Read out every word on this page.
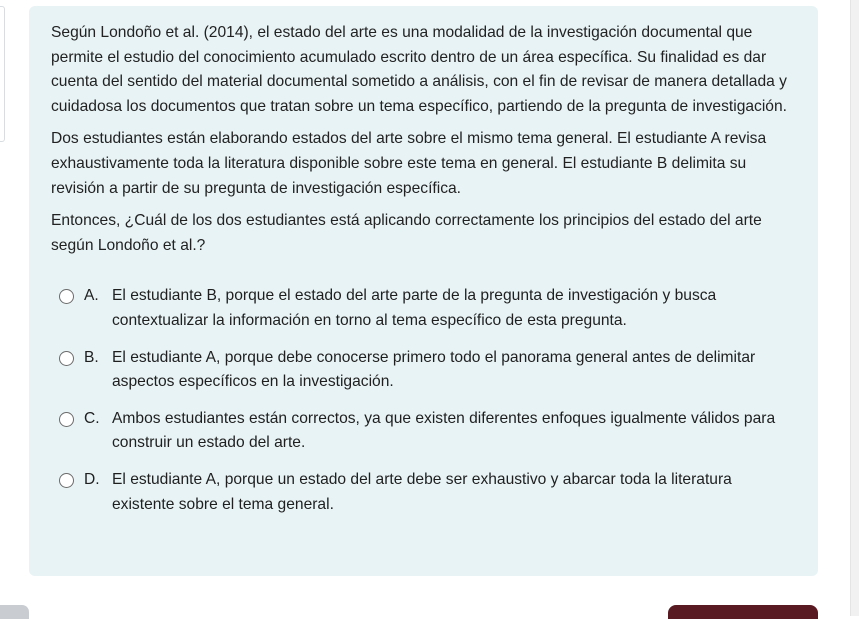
Según Londoño et al. (2014), el estado del arte es una modalidad de la investigación documental que permite el estudio del conocimiento acumulado escrito dentro de un área específica. Su finalidad es dar cuenta del sentido del material documental sometido a análisis, con el fin de revisar de manera detallada y cuidadosa los documentos que tratan sobre un tema específico, partiendo de la pregunta de investigación.

Dos estudiantes están elaborando estados del arte sobre el mismo tema general. El estudiante A revisa exhaustivamente toda la literatura disponible sobre este tema en general. El estudiante B delimita su revisión a partir de su pregunta de investigación específica.

Entonces, ¿Cuál de los dos estudiantes está aplicando correctamente los principios del estado del arte según Londoño et al.?

A. El estudiante B, porque el estado del arte parte de la pregunta de investigación y busca contextualizar la información en torno al tema específico de esta pregunta.
B. El estudiante A, porque debe conocerse primero todo el panorama general antes de delimitar aspectos específicos en la investigación.
C. Ambos estudiantes están correctos, ya que existen diferentes enfoques igualmente válidos para construir un estado del arte.
D. El estudiante A, porque un estado del arte debe ser exhaustivo y abarcar toda la literatura existente sobre el tema general.
